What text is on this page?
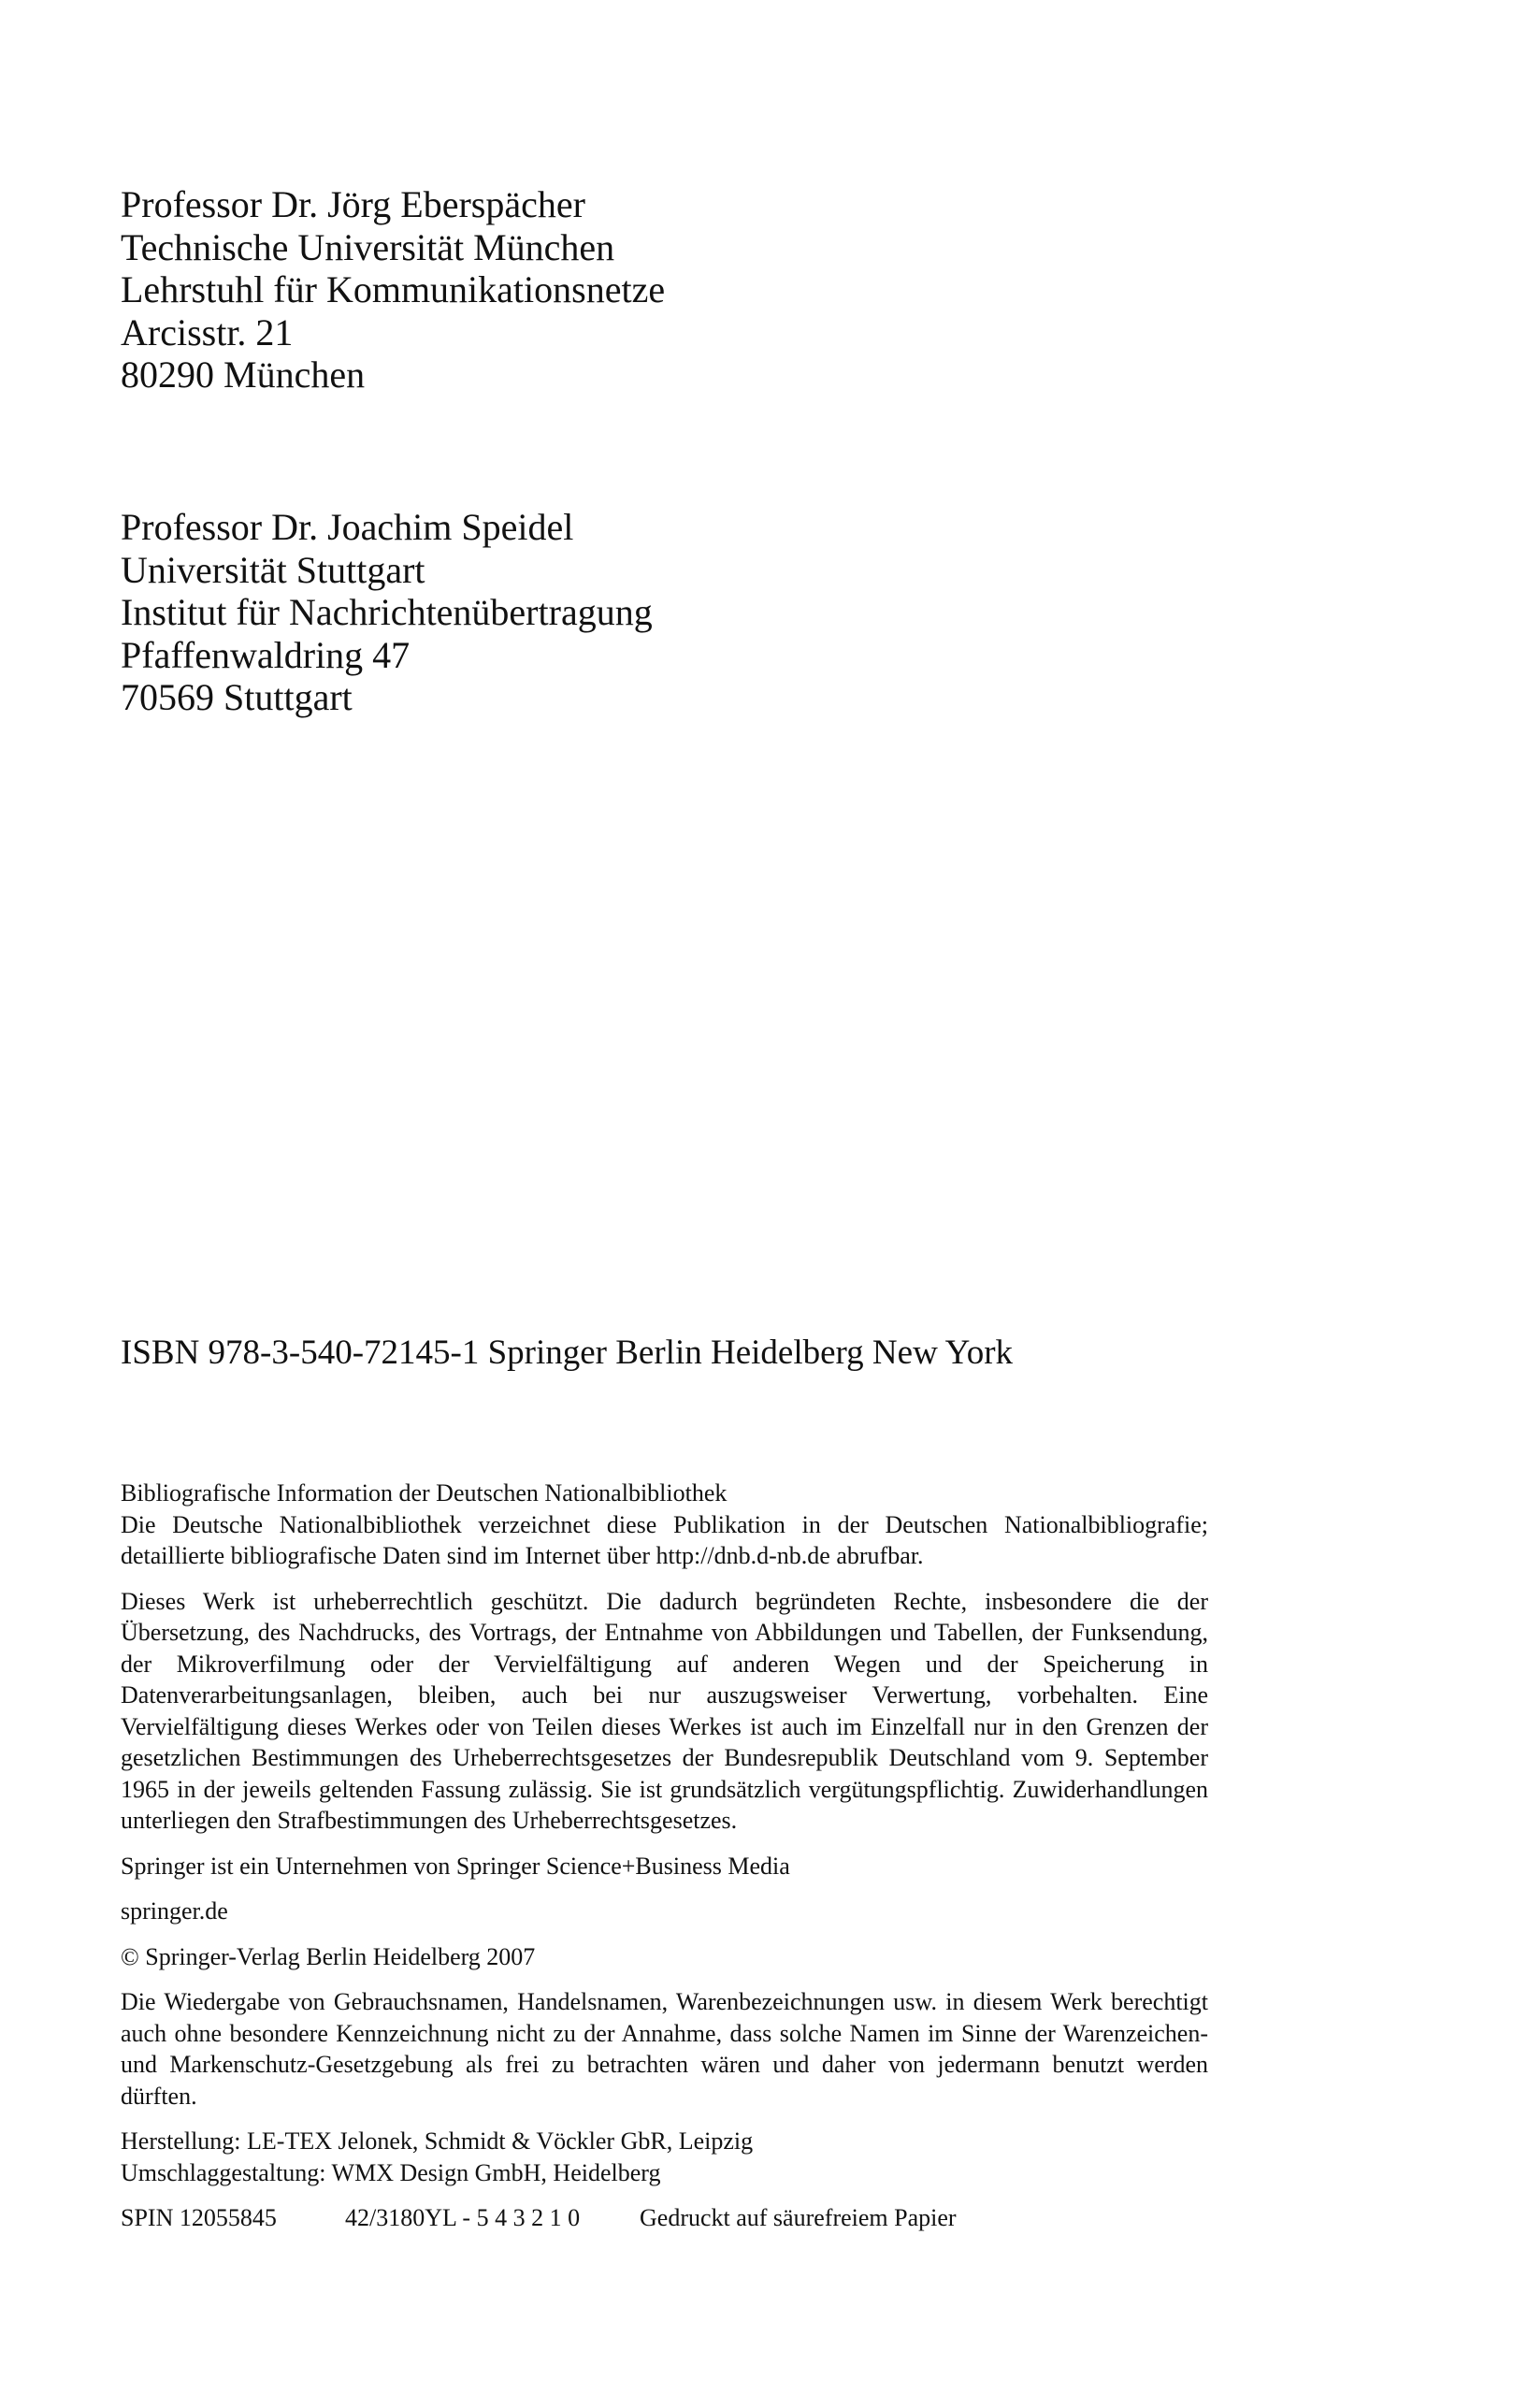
Professor Dr. Jörg Eberspächer
Technische Universität München
Lehrstuhl für Kommunikationsnetze
Arcisstr. 21
80290 München
Professor Dr. Joachim Speidel
Universität Stuttgart
Institut für Nachrichtenübertragung
Pfaffenwaldring 47
70569 Stuttgart
ISBN 978-3-540-72145-1 Springer Berlin Heidelberg New York

Bibliografische Information der Deutschen Nationalbibliothek
Die Deutsche Nationalbibliothek verzeichnet diese Publikation in der Deutschen Nationalbibliografie; detaillierte bibliografische Daten sind im Internet über http://dnb.d-nb.de abrufbar.

Dieses Werk ist urheberrechtlich geschützt. Die dadurch begründeten Rechte, insbesondere die der Übersetzung, des Nachdrucks, des Vortrags, der Entnahme von Abbildungen und Tabellen, der Funksendung, der Mikroverfilmung oder der Vervielfältigung auf anderen Wegen und der Speicherung in Datenverarbeitungsanlagen, bleiben, auch bei nur auszugsweiser Verwertung, vorbehalten. Eine Vervielfältigung dieses Werkes oder von Teilen dieses Werkes ist auch im Einzelfall nur in den Grenzen der gesetzlichen Bestimmungen des Urheberrechtsgesetzes der Bundesrepublik Deutschland vom 9. September 1965 in der jeweils geltenden Fassung zulässig. Sie ist grundsätzlich vergütungspflichtig. Zuwiderhandlungen unterliegen den Strafbestimmungen des Urheberrechtsgesetzes.

Springer ist ein Unternehmen von Springer Science+Business Media

springer.de

© Springer-Verlag Berlin Heidelberg 2007

Die Wiedergabe von Gebrauchsnamen, Handelsnamen, Warenbezeichnungen usw. in diesem Werk berechtigt auch ohne besondere Kennzeichnung nicht zu der Annahme, dass solche Namen im Sinne der Warenzeichen- und Markenschutz-Gesetzgebung als frei zu betrachten wären und daher von jedermann benutzt werden dürften.

Herstellung: LE-TEX Jelonek, Schmidt & Vöckler GbR, Leipzig
Umschlaggestaltung: WMX Design GmbH, Heidelberg

SPIN 12055845	42/3180YL - 5 4 3 2 1 0	Gedruckt auf säurefreiem Papier
